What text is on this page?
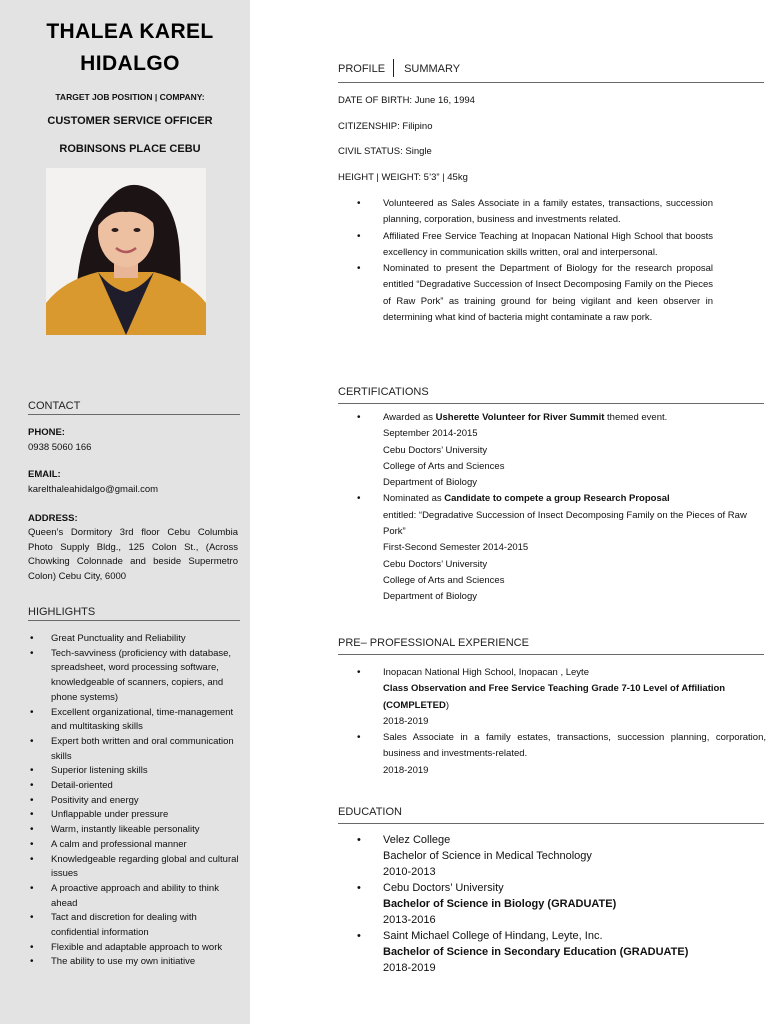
THALEA KAREL
HIDALGO
TARGET JOB POSITION | COMPANY:
CUSTOMER SERVICE OFFICER
ROBINSONS PLACE CEBU
CONTACT
PHONE:
0938 5060 166
EMAIL:
karelthaleahidalgo@gmail.com
ADDRESS:
Queen’s Dormitory 3rd floor Cebu Columbia Photo Supply Bldg., 125 Colon St., (Across Chowking Colonnade and beside Supermetro Colon) Cebu City, 6000
HIGHLIGHTS
• Great Punctuality and Reliability
• Tech-savviness (proficiency with database, spreadsheet, word processing software, knowledgeable of scanners, copiers, and phone systems)
• Excellent organizational, time-management and multitasking skills
• Expert both written and oral communication skills
• Superior listening skills
• Detail-oriented
• Positivity and energy
• Unflappable under pressure
• Warm, instantly likeable personality
• A calm and professional manner
• Knowledgeable regarding global and cultural issues
• A proactive approach and ability to think ahead
• Tact and discretion for dealing with confidential information
• Flexible and adaptable approach to work
• The ability to use my own initiative
PROFILE SUMMARY
DATE OF BIRTH: June 16, 1994
CITIZENSHIP: Filipino
CIVIL STATUS: Single
HEIGHT | WEIGHT: 5’3” | 45kg
• Volunteered as Sales Associate in a family estates, transactions, succession planning, corporation, business and investments related.
• Affiliated Free Service Teaching at Inopacan National High School that boosts excellency in communication skills written, oral and interpersonal.
• Nominated to present the Department of Biology for the research proposal entitled “Degradative Succession of Insect Decomposing Family on the Pieces of Raw Pork” as training ground for being vigilant and keen observer in determining what kind of bacteria might contaminate a raw pork.
CERTIFICATIONS
• Awarded as Usherette Volunteer for River Summit themed event.
September 2014-2015
Cebu Doctors’ University
College of Arts and Sciences
Department of Biology
• Nominated as Candidate to compete a group Research Proposal
entitled: “Degradative Succession of Insect Decomposing Family on the Pieces of Raw Pork”
First-Second Semester 2014-2015
Cebu Doctors’ University
College of Arts and Sciences
Department of Biology
PRE– PROFESSIONAL EXPERIENCE
• Inopacan National High School, Inopacan , Leyte
Class Observation and Free Service Teaching Grade 7-10 Level of Affiliation (COMPLETED)
2018-2019
• Sales Associate in a family estates, transactions, succession planning, corporation, business and investments-related.
2018-2019
EDUCATION
• Velez College
Bachelor of Science in Medical Technology
2010-2013
• Cebu Doctors’ University
Bachelor of Science in Biology (GRADUATE)
2013-2016
• Saint Michael College of Hindang, Leyte, Inc.
Bachelor of Science in Secondary Education (GRADUATE)
2018-2019
